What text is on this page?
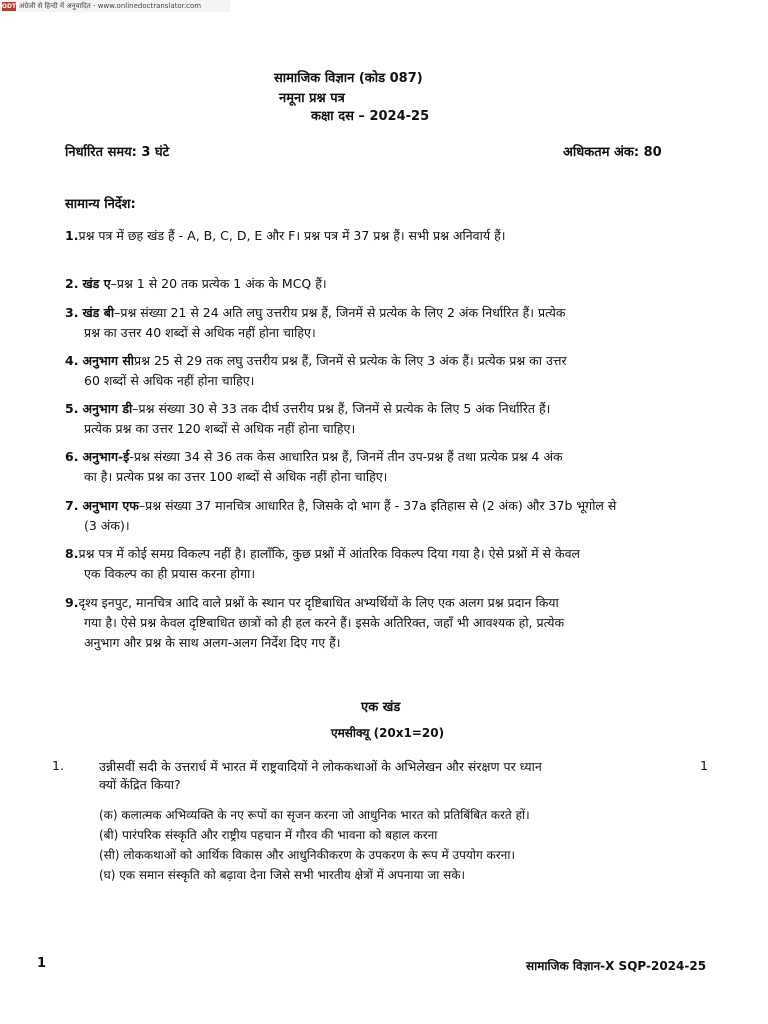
ODT अंग्रेजी से हिन्दी में अनुवादित - www.onlinedoctranslator.com
सामाजिक विज्ञान (कोड 087)
नमूना प्रश्न पत्र
कक्षा दस – 2024-25
निर्धारित समय: 3 घंटे	अधिकतम अंक: 80
सामान्य निर्देश:
1.प्रश्न पत्र में छह खंड हैं - A, B, C, D, E और F। प्रश्न पत्र में 37 प्रश्न हैं। सभी प्रश्न अनिवार्य हैं।
2. खंड ए–प्रश्न 1 से 20 तक प्रत्येक 1 अंक के MCQ हैं।
3. खंड बी–प्रश्न संख्या 21 से 24 अति लघु उत्तरीय प्रश्न हैं, जिनमें से प्रत्येक के लिए 2 अंक निर्धारित हैं। प्रत्येक
प्रश्न का उत्तर 40 शब्दों से अधिक नहीं होना चाहिए।
4. अनुभाग सीप्रश्न 25 से 29 तक लघु उत्तरीय प्रश्न हैं, जिनमें से प्रत्येक के लिए 3 अंक हैं। प्रत्येक प्रश्न का उत्तर
60 शब्दों से अधिक नहीं होना चाहिए।
5. अनुभाग डी–प्रश्न संख्या 30 से 33 तक दीर्घ उत्तरीय प्रश्न हैं, जिनमें से प्रत्येक के लिए 5 अंक निर्धारित हैं।
प्रत्येक प्रश्न का उत्तर 120 शब्दों से अधिक नहीं होना चाहिए।
6. अनुभाग-ई-प्रश्न संख्या 34 से 36 तक केस आधारित प्रश्न हैं, जिनमें तीन उप-प्रश्न हैं तथा प्रत्येक प्रश्न 4 अंक
का है। प्रत्येक प्रश्न का उत्तर 100 शब्दों से अधिक नहीं होना चाहिए।
7. अनुभाग एफ–प्रश्न संख्या 37 मानचित्र आधारित है, जिसके दो भाग हैं - 37a इतिहास से (2 अंक) और 37b भूगोल से
(3 अंक)।
8.प्रश्न पत्र में कोई समग्र विकल्प नहीं है। हालाँकि, कुछ प्रश्नों में आंतरिक विकल्प दिया गया है। ऐसे प्रश्नों में से केवल
एक विकल्प का ही प्रयास करना होगा।
9.दृश्य इनपुट, मानचित्र आदि वाले प्रश्नों के स्थान पर दृष्टिबाधित अभ्यर्थियों के लिए एक अलग प्रश्न प्रदान किया
गया है। ऐसे प्रश्न केवल दृष्टिबाधित छात्रों को ही हल करने हैं। इसके अतिरिक्त, जहाँ भी आवश्यक हो, प्रत्येक
अनुभाग और प्रश्न के साथ अलग-अलग निर्देश दिए गए हैं।
एक खंड
एमसीक्यू (20x1=20)
1.	उन्नीसवीं सदी के उत्तरार्ध में भारत में राष्ट्रवादियों ने लोककथाओं के अभिलेखन और संरक्षण पर ध्यान
क्यों केंद्रित किया?
1
(क) कलात्मक अभिव्यक्ति के नए रूपों का सृजन करना जो आधुनिक भारत को प्रतिबिंबित करते हों।
(बी) पारंपरिक संस्कृति और राष्ट्रीय पहचान में गौरव की भावना को बहाल करना
(सी) लोककथाओं को आर्थिक विकास और आधुनिकीकरण के उपकरण के रूप में उपयोग करना।
(घ) एक समान संस्कृति को बढ़ावा देना जिसे सभी भारतीय क्षेत्रों में अपनाया जा सके।
1	सामाजिक विज्ञान-X SQP-2024-25
